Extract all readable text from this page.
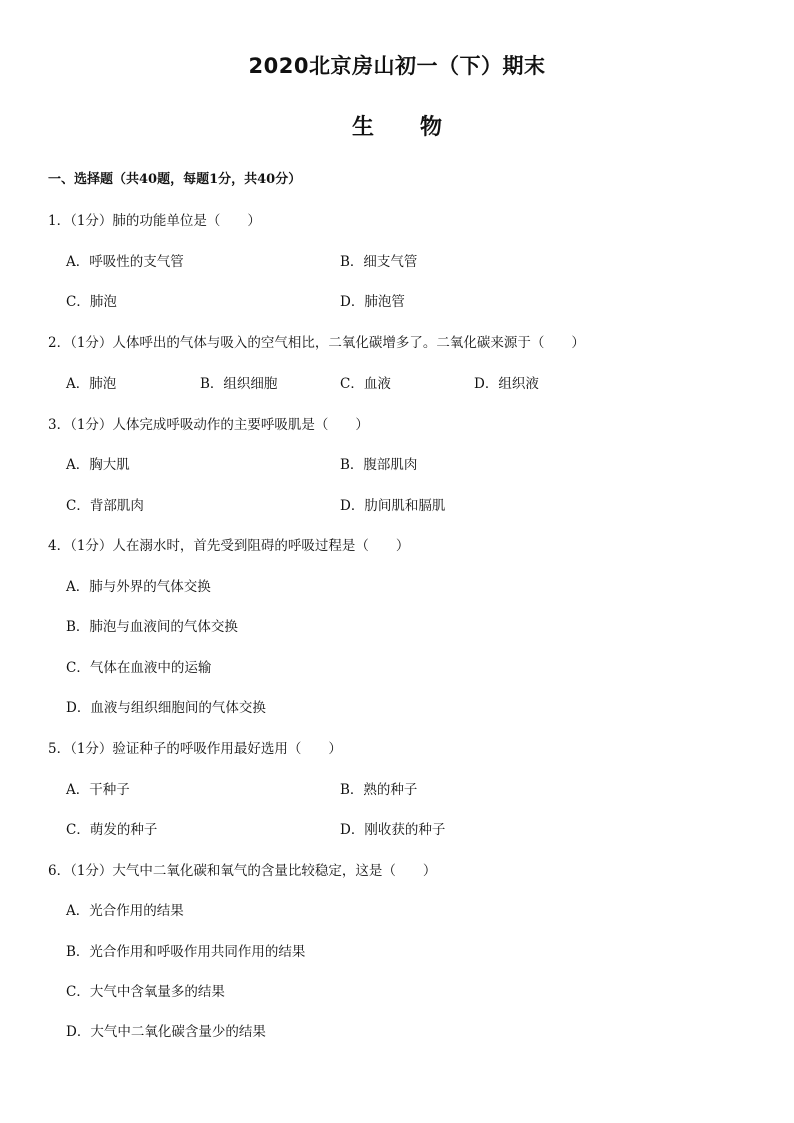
2020北京房山初一（下）期末
生 物
一、选择题（共40题，每题1分，共40分）
1．（1分）肺的功能单位是（　　）
A．呼吸性的支气管	B．细支气管
C．肺泡	D．肺泡管
2．（1分）人体呼出的气体与吸入的空气相比，二氧化碳增多了。二氧化碳来源于（　　）
A．肺泡	B．组织细胞	C．血液	D．组织液
3．（1分）人体完成呼吸动作的主要呼吸肌是（　　）
A．胸大肌	B．腹部肌肉
C．背部肌肉	D．肋间肌和膈肌
4．（1分）人在溺水时，首先受到阻碍的呼吸过程是（　　）
A．肺与外界的气体交换
B．肺泡与血液间的气体交换
C．气体在血液中的运输
D．血液与组织细胞间的气体交换
5．（1分）验证种子的呼吸作用最好选用（　　）
A．干种子	B．熟的种子
C．萌发的种子	D．刚收获的种子
6．（1分）大气中二氧化碳和氧气的含量比较稳定，这是（　　）
A．光合作用的结果
B．光合作用和呼吸作用共同作用的结果
C．大气中含氧量多的结果
D．大气中二氧化碳含量少的结果
